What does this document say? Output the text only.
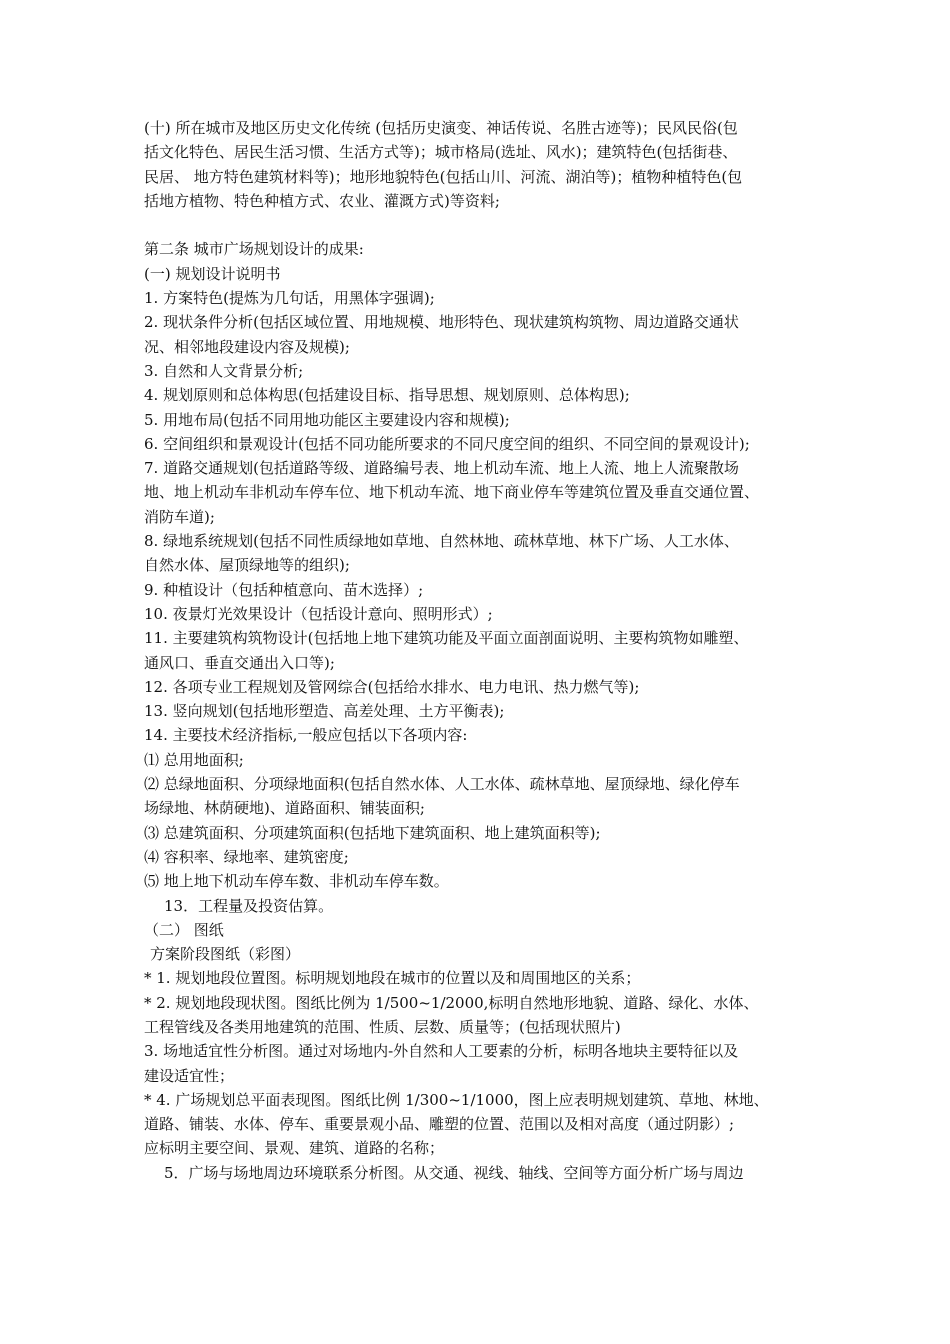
(十) 所在城市及地区历史文化传统 (包括历史演变、神话传说、名胜古迹等)；民风民俗(包
括文化特色、居民生活习惯、生活方式等)；城市格局(选址、风水)；建筑特色(包括街巷、
民居、 地方特色建筑材料等)；地形地貌特色(包括山川、河流、湖泊等)；植物种植特色(包
括地方植物、特色种植方式、农业、灌溉方式)等资料;
第二条 城市广场规划设计的成果:
(一) 规划设计说明书
1. 方案特色(提炼为几句话，用黑体字强调);
2. 现状条件分析(包括区域位置、用地规模、地形特色、现状建筑构筑物、周边道路交通状
况、相邻地段建设内容及规模);
3. 自然和人文背景分析;
4. 规划原则和总体构思(包括建设目标、指导思想、规划原则、总体构思);
5. 用地布局(包括不同用地功能区主要建设内容和规模);
6. 空间组织和景观设计(包括不同功能所要求的不同尺度空间的组织、不同空间的景观设计);
7. 道路交通规划(包括道路等级、道路编号表、地上机动车流、地上人流、地上人流聚散场
地、地上机动车非机动车停车位、地下机动车流、地下商业停车等建筑位置及垂直交通位置、
消防车道);
8. 绿地系统规划(包括不同性质绿地如草地、自然林地、疏林草地、林下广场、人工水体、
自然水体、屋顶绿地等的组织);
9. 种植设计（包括种植意向、苗木选择）;
10. 夜景灯光效果设计（包括设计意向、照明形式）;
11. 主要建筑构筑物设计(包括地上地下建筑功能及平面立面剖面说明、主要构筑物如雕塑、
通风口、垂直交通出入口等);
12. 各项专业工程规划及管网综合(包括给水排水、电力电讯、热力燃气等);
13. 竖向规划(包括地形塑造、高差处理、土方平衡表);
14. 主要技术经济指标,一般应包括以下各项内容:
⑴ 总用地面积;
⑵ 总绿地面积、分项绿地面积(包括自然水体、人工水体、疏林草地、屋顶绿地、绿化停车
场绿地、林荫硬地)、道路面积、铺装面积;
⑶ 总建筑面积、分项建筑面积(包括地下建筑面积、地上建筑面积等);
⑷ 容积率、绿地率、建筑密度;
⑸ 地上地下机动车停车数、非机动车停车数。
13．工程量及投资估算。
（二） 图纸
方案阶段图纸（彩图）
* 1. 规划地段位置图。标明规划地段在城市的位置以及和周围地区的关系；
* 2. 规划地段现状图。图纸比例为 1/500~1/2000,标明自然地形地貌、道路、绿化、水体、
工程管线及各类用地建筑的范围、性质、层数、质量等；(包括现状照片)
3. 场地适宜性分析图。通过对场地内-外自然和人工要素的分析，标明各地块主要特征以及
建设适宜性；
* 4. 广场规划总平面表现图。图纸比例 1/300~1/1000，图上应表明规划建筑、草地、林地、
道路、铺装、水体、停车、重要景观小品、雕塑的位置、范围以及相对高度（通过阴影）;
应标明主要空间、景观、建筑、道路的名称；
5．广场与场地周边环境联系分析图。从交通、视线、轴线、空间等方面分析广场与周边
